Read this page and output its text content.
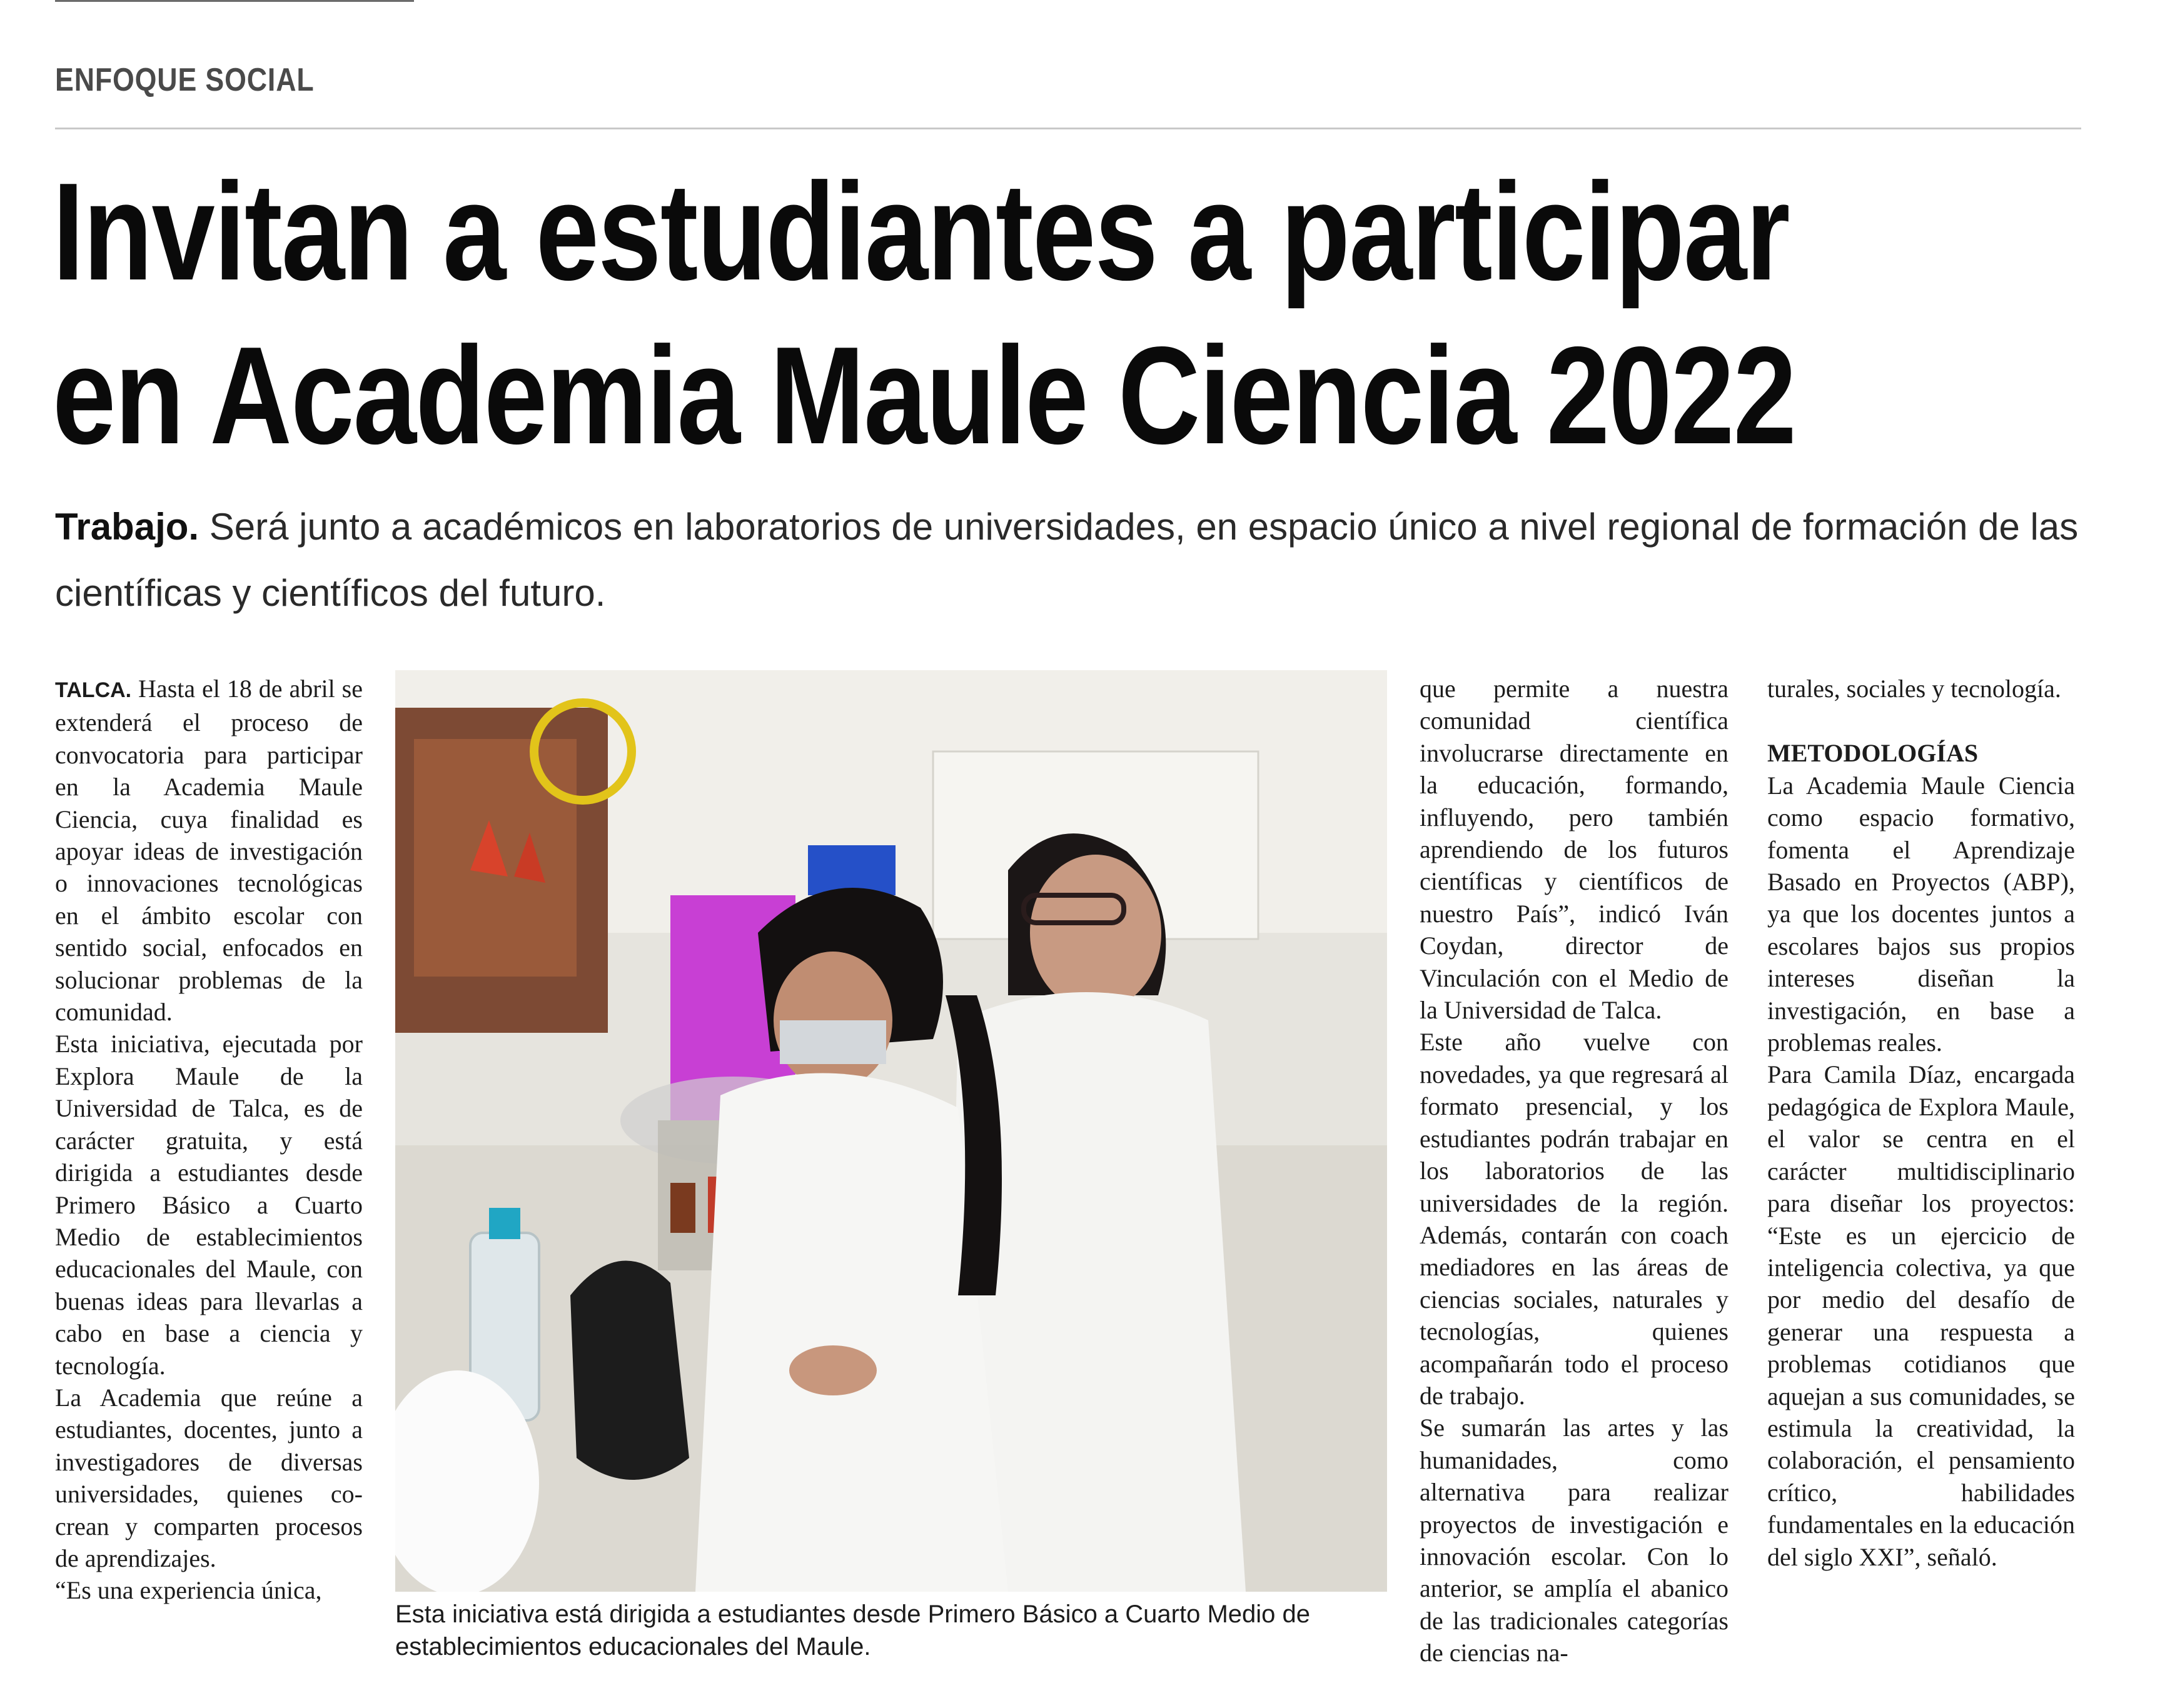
ENFOQUE SOCIAL
Invitan a estudiantes a participar
en Academia Maule Ciencia 2022
Trabajo. Será junto a académicos en laboratorios de universidades, en espacio único a nivel regional de formación de las científicas y científicos del futuro.

TALCA. Hasta el 18 de abril se extenderá el proceso de convocatoria para participar en la Academia Maule Ciencia, cuya finalidad es apoyar ideas de investigación o innovaciones tecnológicas en el ámbito escolar con sentido social, enfocados en solucionar problemas de la comunidad.

Esta iniciativa, ejecutada por Explora Maule de la Universidad de Talca, es de carácter gratuita, y está dirigida a estudiantes desde Primero Básico a Cuarto Medio de establecimientos educacionales del Maule, con buenas ideas para llevarlas a cabo en base a ciencia y tecnología.

La Academia que reúne a estudiantes, docentes, junto a investigadores de diversas universidades, quienes co-crean y comparten procesos de aprendizajes.

“Es una experiencia única,

Esta iniciativa está dirigida a estudiantes desde Primero Básico a Cuarto Medio de establecimientos educacionales del Maule.

que permite a nuestra comunidad científica involucrarse directamente en la educación, formando, influyendo, pero también aprendiendo de los futuros científicas y científicos de nuestro País”, indicó Iván Coydan, director de Vinculación con el Medio de la Universidad de Talca.

Este año vuelve con novedades, ya que regresará al formato presencial, y los estudiantes podrán trabajar en los laboratorios de las universidades de la región. Además, contarán con coach mediadores en las áreas de ciencias sociales, naturales y tecnologías, quienes acompañarán todo el proceso de trabajo.

Se sumarán las artes y las humanidades, como alternativa para realizar proyectos de investigación e innovación escolar. Con lo anterior, se amplía el abanico de las tradicionales categorías de ciencias na-

turales, sociales y tecnología.

METODOLOGÍAS

La Academia Maule Ciencia como espacio formativo, fomenta el Aprendizaje Basado en Proyectos (ABP), ya que los docentes juntos a escolares bajos sus propios intereses diseñan la investigación, en base a problemas reales.

Para Camila Díaz, encargada pedagógica de Explora Maule, el valor se centra en el carácter multidisciplinario para diseñar los proyectos: “Este es un ejercicio de inteligencia colectiva, ya que por medio del desafío de generar una respuesta a problemas cotidianos que aquejan a sus comunidades, se estimula la creatividad, la colaboración, el pensamiento crítico, habilidades fundamentales en la educación del siglo XXI”, señaló.
